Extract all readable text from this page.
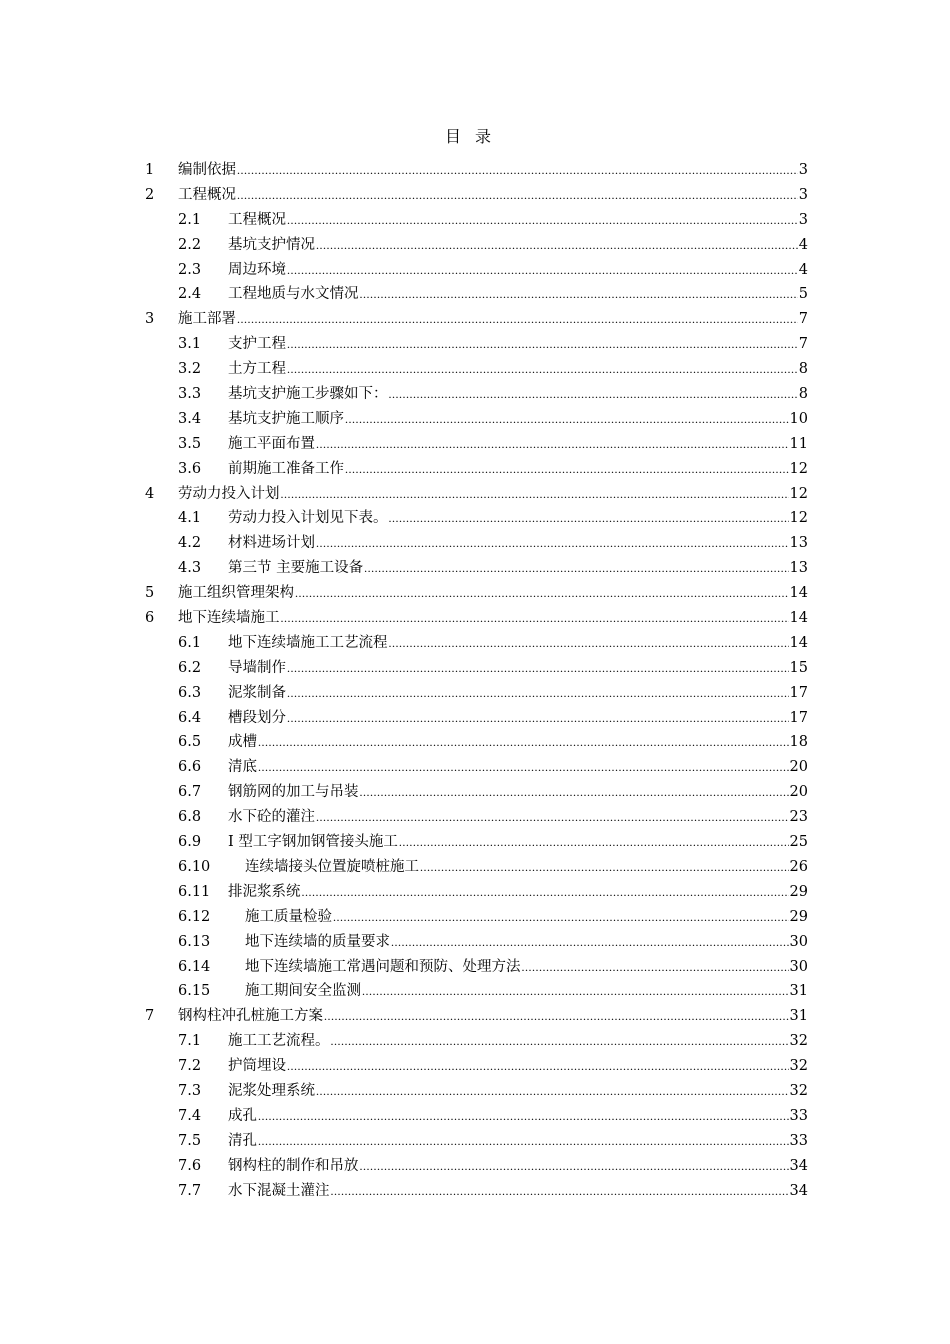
目录
1 编制依据 .....	3
2 工程概况 .....	3
2.1 工程概况 .....	3
2.2 基坑支护情况 .....	4
2.3 周边环境 .....	4
2.4 工程地质与水文情况 .....	5
3 施工部署 .....	7
3.1 支护工程 .....	7
3.2 土方工程 .....	8
3.3 基坑支护施工步骤如下： .....	8
3.4 基坑支护施工顺序 .....	10
3.5 施工平面布置 .....	11
3.6 前期施工准备工作 .....	12
4 劳动力投入计划 .....	12
4.1 劳动力投入计划见下表。 .....	12
4.2 材料进场计划 .....	13
4.3 第三节 主要施工设备 .....	13
5 施工组织管理架构 .....	14
6 地下连续墙施工 .....	14
6.1 地下连续墙施工工艺流程 .....	14
6.2 导墙制作 .....	15
6.3 泥浆制备 .....	17
6.4 槽段划分 .....	17
6.5 成槽 .....	18
6.6 清底 .....	20
6.7 钢筋网的加工与吊装 .....	20
6.8 水下砼的灌注 .....	23
6.9 I 型工字钢加钢管接头施工 .....	25
6.10 连续墙接头位置旋喷桩施工 .....	26
6.11 排泥浆系统 .....	29
6.12 施工质量检验 .....	29
6.13 地下连续墙的质量要求 .....	30
6.14 地下连续墙施工常遇问题和预防、处理方法 .....	30
6.15 施工期间安全监测 .....	31
7 钢构柱冲孔桩施工方案 .....	31
7.1 施工工艺流程。 .....	32
7.2 护筒埋设 .....	32
7.3 泥浆处理系统 .....	32
7.4 成孔 .....	33
7.5 清孔 .....	33
7.6 钢构柱的制作和吊放 .....	34
7.7 水下混凝土灌注 .....	34
